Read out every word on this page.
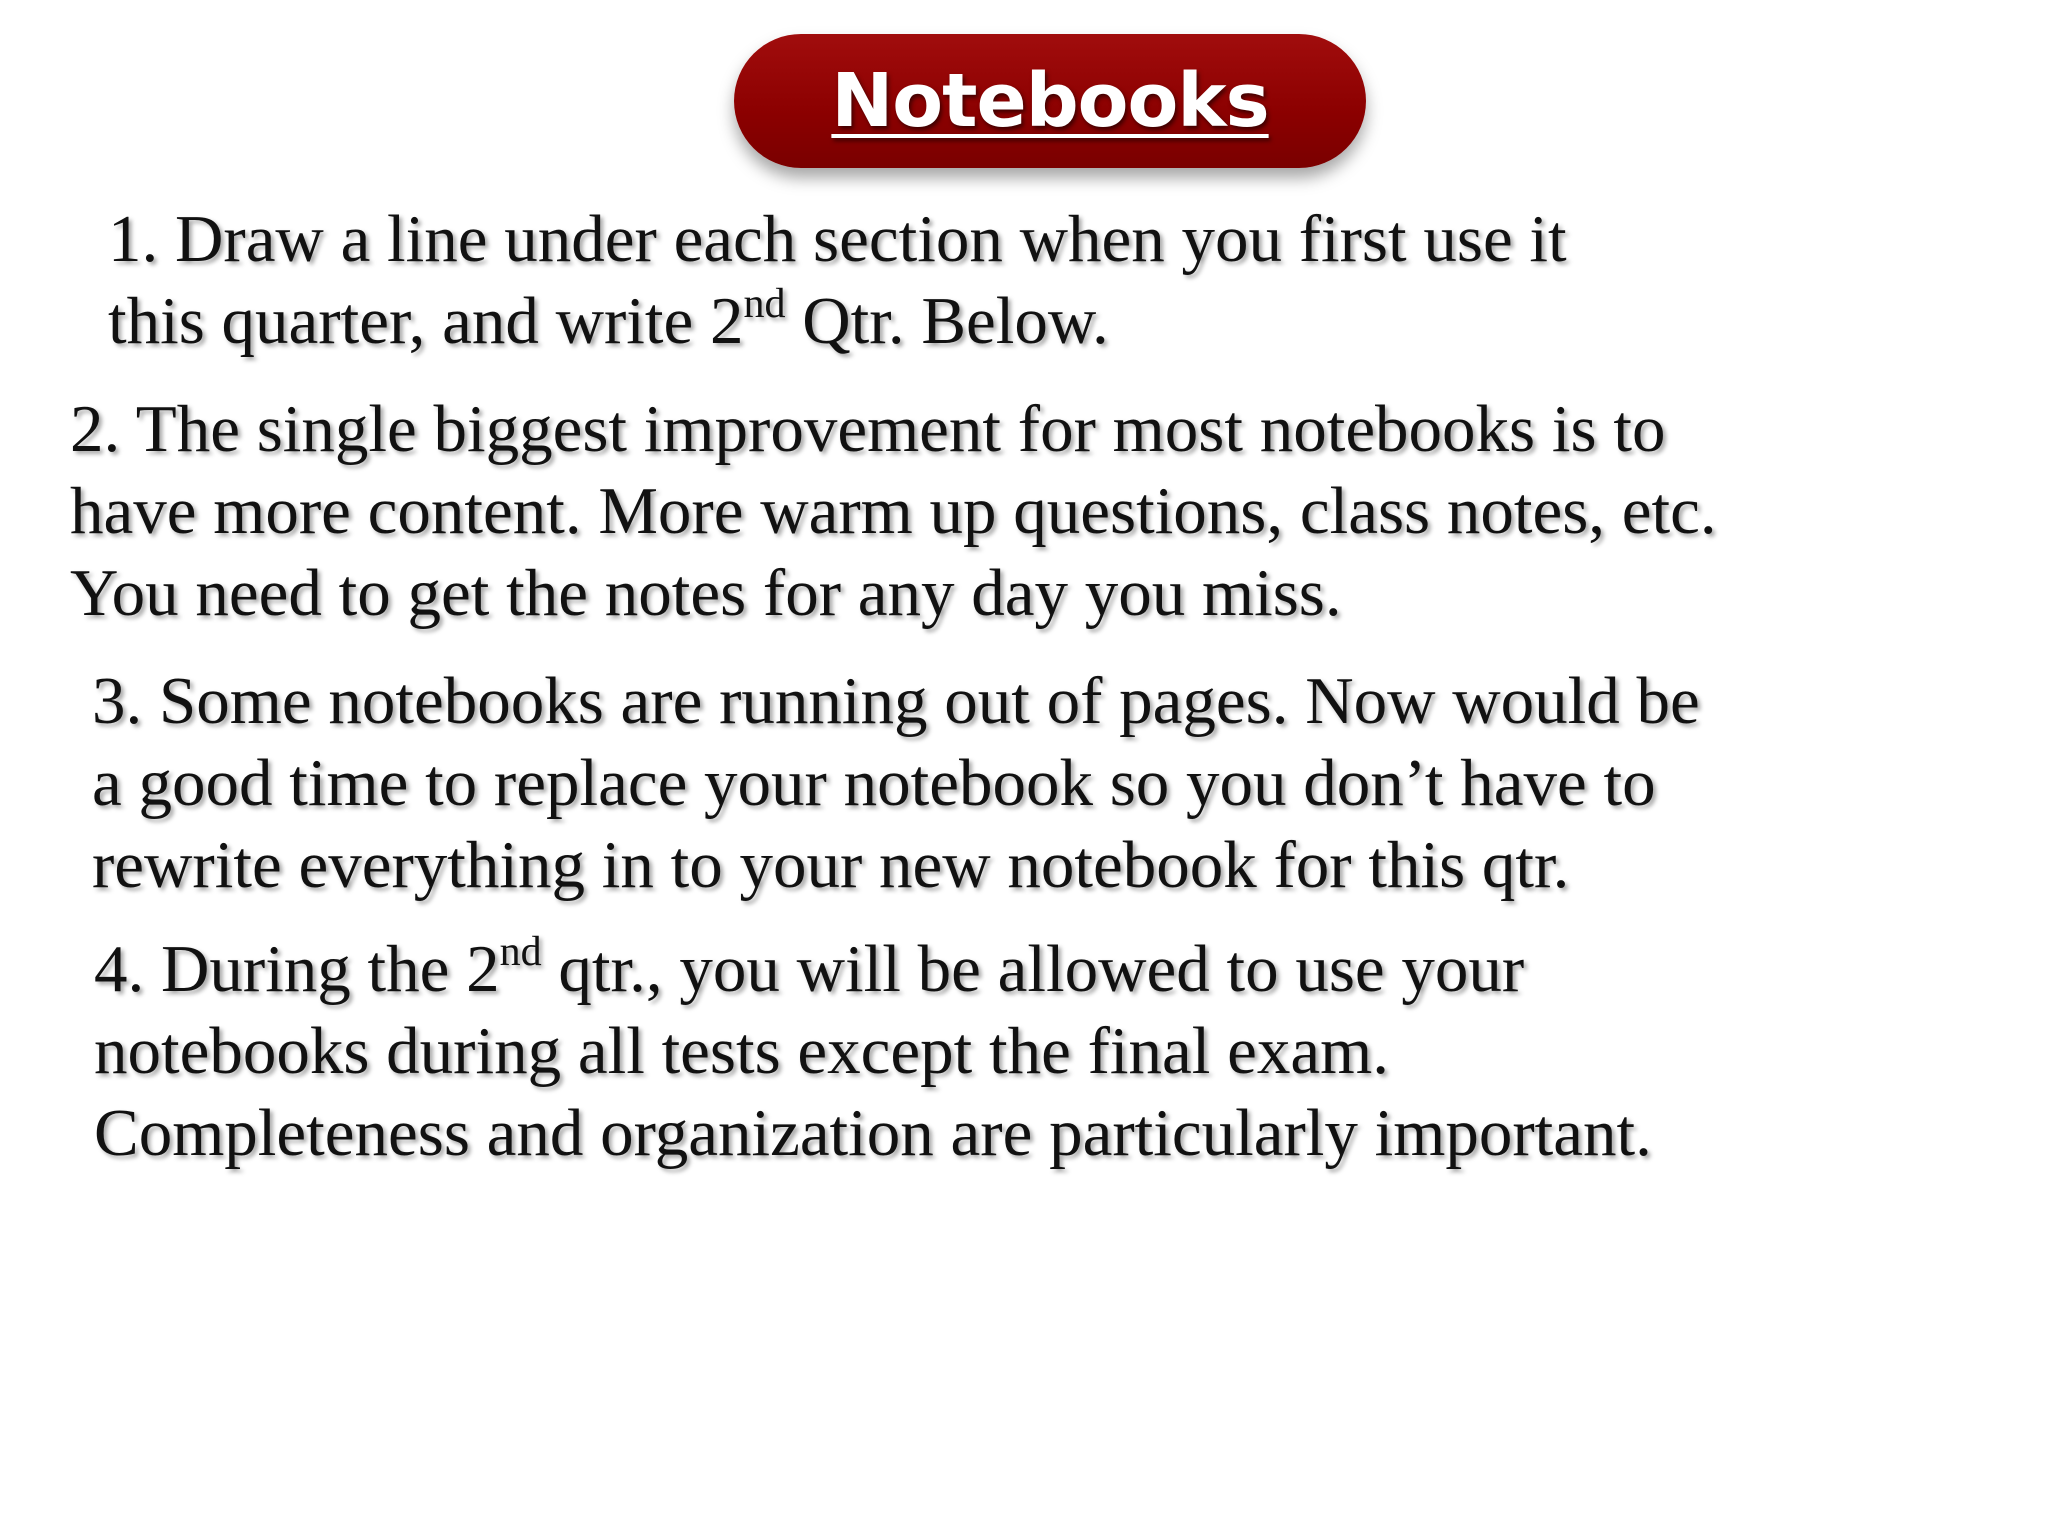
Notebooks
1. Draw a line under each section when you first use it
this quarter, and write 2nd Qtr. Below.
2. The single biggest improvement for most notebooks is to
have more content. More warm up questions, class notes, etc.
You need to get the notes for any day you miss.
3. Some notebooks are running out of pages. Now would be
a good time to replace your notebook so you don’t have to
rewrite everything in to your new notebook for this qtr.
4. During the 2nd qtr., you will be allowed to use your
notebooks during all tests except the final exam.
Completeness and organization are particularly important.
